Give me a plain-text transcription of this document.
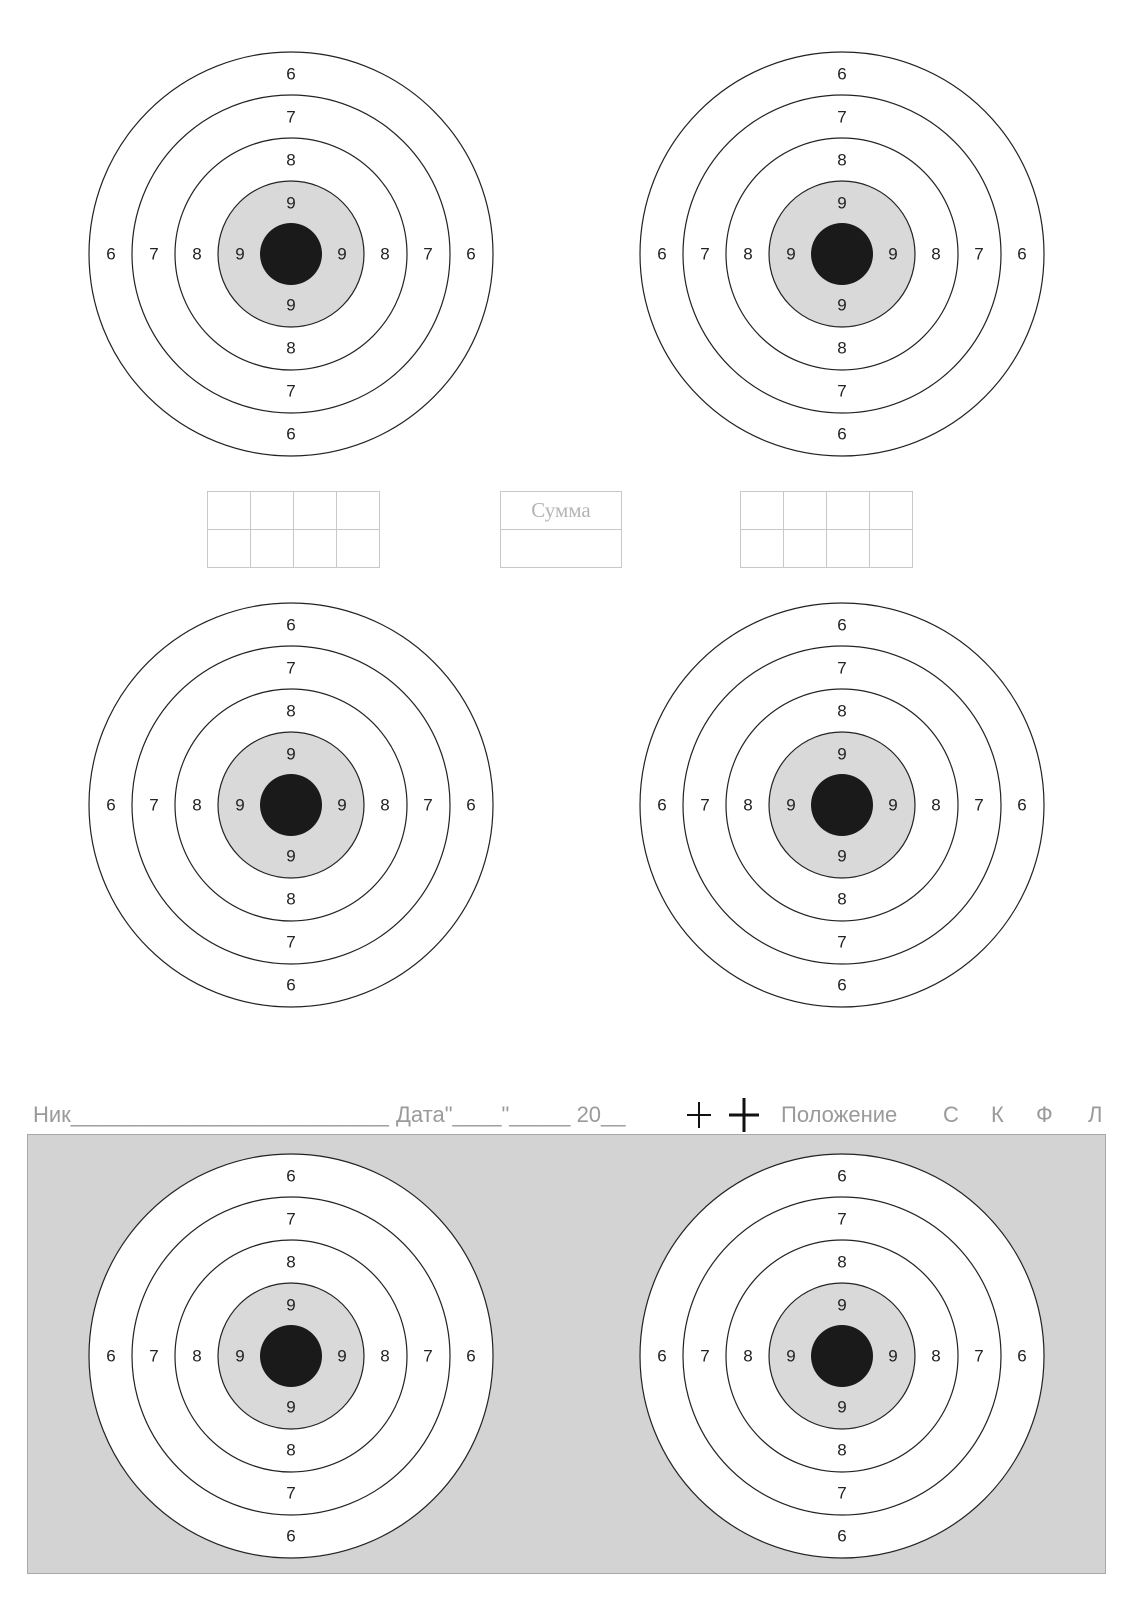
6
6
6	6
7
7
7	7
8
8
8	8
9
9
9	9
6
6
6	6
7
7
7	7
8
8
8	8
9
9
9	9
6
6
6	6
7
7
7	7
8
8
8	8
9
9
9	9
6
6
6	6
7
7
7	7
8
8
8	8
9
9
9	9

Сумма

Ник__________________________ Дата"____"_____ 20__	Положение С К Ф Л
6
6
6	6
7
7
7	7
8
8
8	8
9
9
9	9
6
6
6	6
7
7
7	7
8
8
8	8
9
9
9	9
